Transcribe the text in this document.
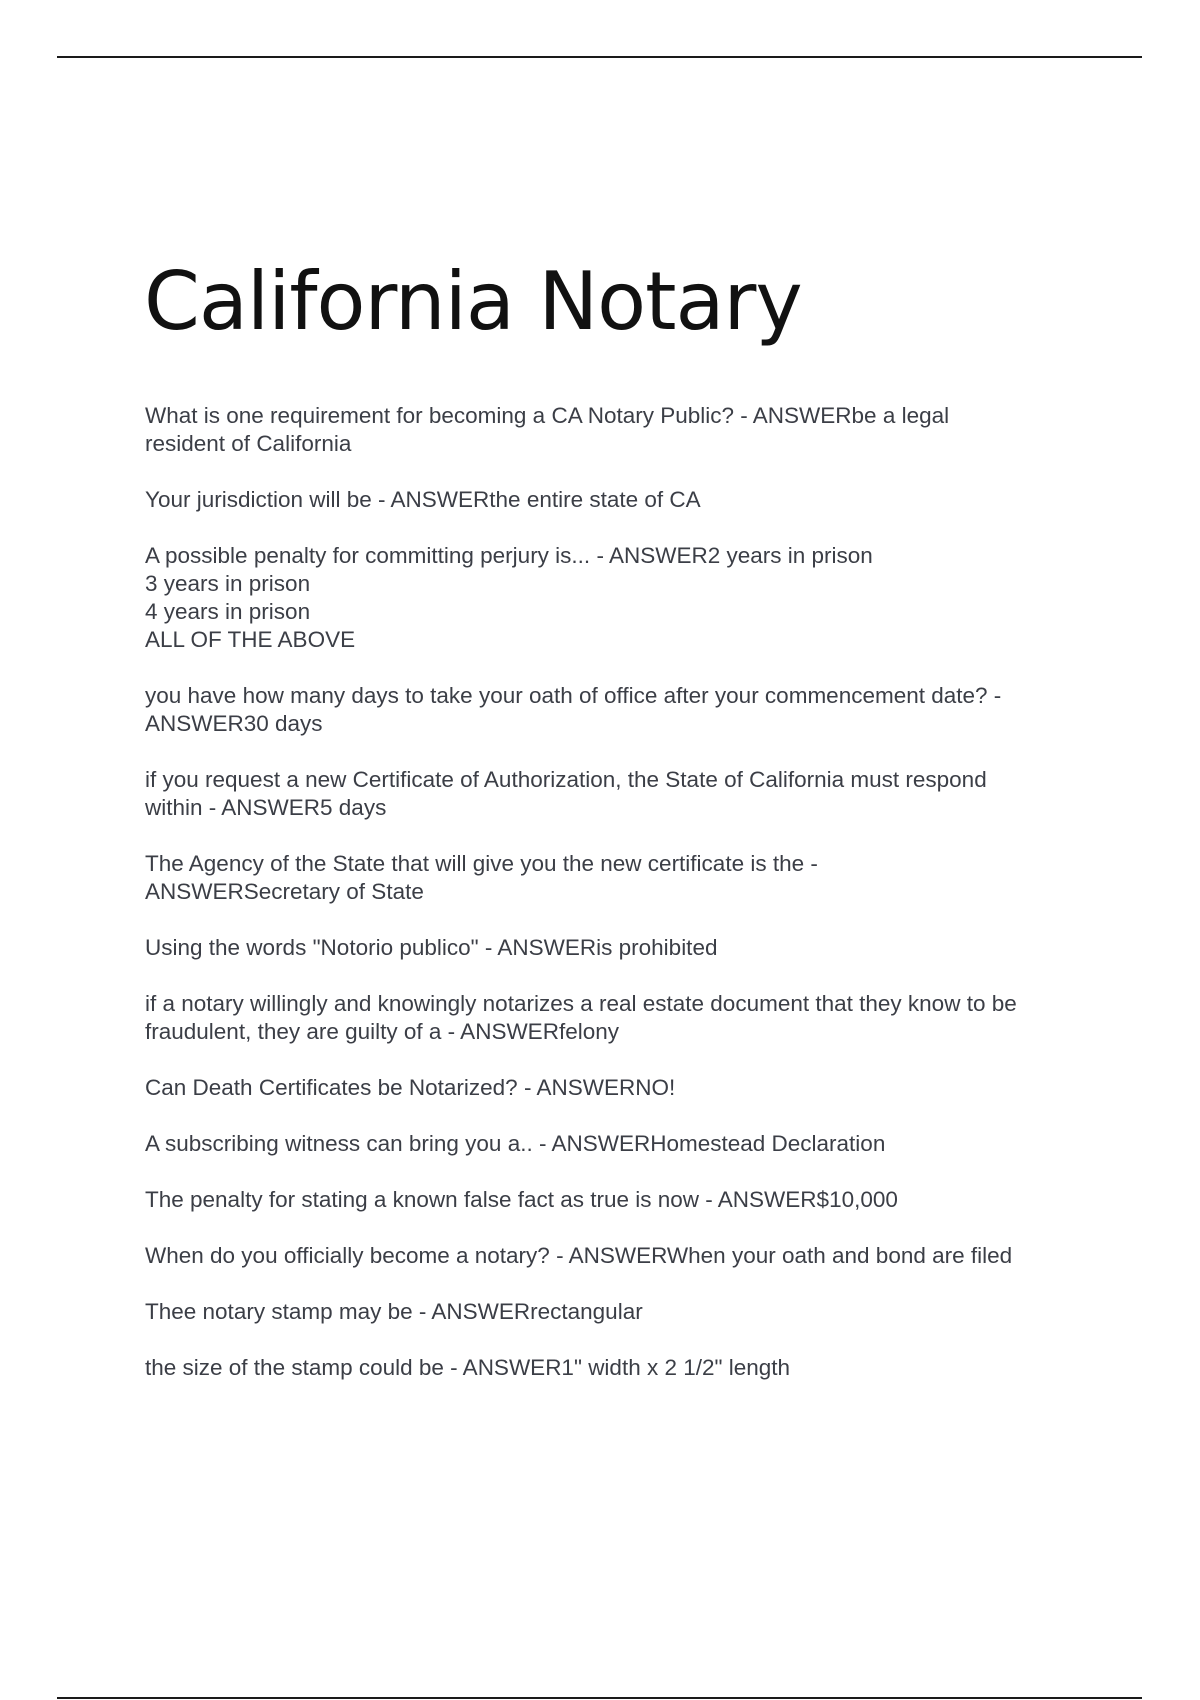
California Notary

What is one requirement for becoming a CA Notary Public? - ANSWERbe a legal
resident of California

Your jurisdiction will be - ANSWERthe entire state of CA

A possible penalty for committing perjury is... - ANSWER2 years in prison
3 years in prison
4 years in prison
ALL OF THE ABOVE

you have how many days to take your oath of office after your commencement date? -
ANSWER30 days

if you request a new Certificate of Authorization, the State of California must respond
within - ANSWER5 days

The Agency of the State that will give you the new certificate is the -
ANSWERSecretary of State

Using the words "Notorio publico" - ANSWERis prohibited

if a notary willingly and knowingly notarizes a real estate document that they know to be
fraudulent, they are guilty of a - ANSWERfelony

Can Death Certificates be Notarized? - ANSWERNO!

A subscribing witness can bring you a.. - ANSWERHomestead Declaration

The penalty for stating a known false fact as true is now - ANSWER$10,000

When do you officially become a notary? - ANSWERWhen your oath and bond are filed

Thee notary stamp may be - ANSWERrectangular

the size of the stamp could be - ANSWER1" width x 2 1/2" length
